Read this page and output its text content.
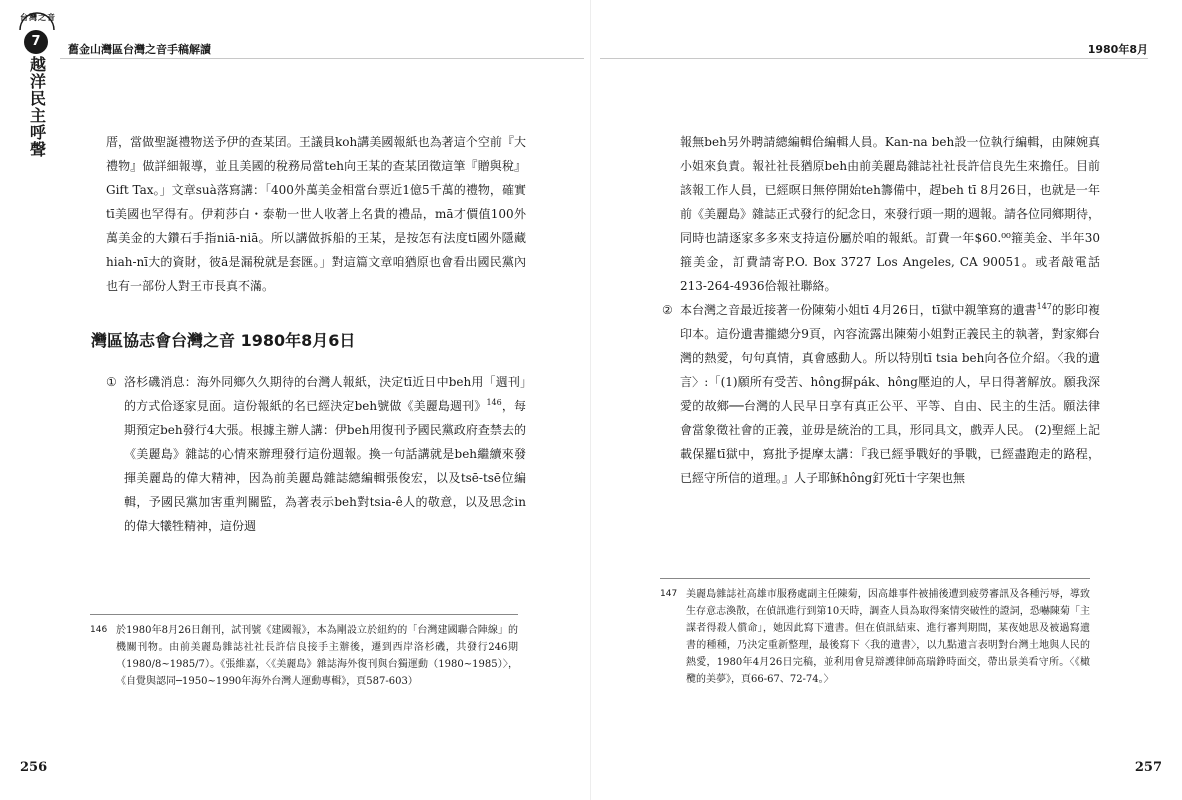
台灣之音
7
越洋民主呼聲
舊金山灣區台灣之音手稿解讀	1980年8月

厝，當做聖誕禮物送予伊的查某囝。王議員koh講美國報紙也為著這个空前『大禮物』做詳細報導，並且美國的稅務局當teh向王某的查某囝徵這筆『贈與稅』Gift Tax。」文章suà落寫講：「400外萬美金相當台票近1億5千萬的禮物，確實tī美國也罕得有。伊莉莎白・泰勒一世人收著上名貴的禮品，mā才價值100外萬美金的大鑽石手指niā-niā。所以講做拆船的王某，是按怎有法度tī國外隱藏hiah-nī大的資財，彼ā是漏稅就是套匯。」對這篇文章咱猶原也會看出國民黨內也有一部份人對王市長真不滿。

灣區協志會台灣之音 1980年8月6日
① 洛杉磯消息：海外同鄉久久期待的台灣人報紙，決定tī近日中beh用「週刊」的方式佮逐家見面。這份報紙的名已經決定beh號做《美麗島週刊》$^{146}$，每期預定beh發行4大張。根據主辦人講：伊beh用復刊予國民黨政府查禁去的《美麗島》雜誌的心情來辦理發行這份週報。換一句話講就是beh繼續來發揮美麗島的偉大精神，因為前美麗島雜誌總編輯張俊宏，以及tsē-tsē位編輯，予國民黨加害重判關監，為著表示beh對tsia-ê人的敬意，以及思念in的偉大犧牲精神，這份週

146 於1980年8月26日創刊，試刊號《建國報》，本為剛設立於紐約的「台灣建國聯合陣線」的機關刊物。由前美麗島雜誌社社長許信良接手主辦後，遷到西岸洛杉磯，共發行246期（1980/8~1985/7）。《張維嘉，〈《美麗島》雜誌海外復刊與台獨運動（1980~1985）〉，《自覺與認同─1950~1990年海外台灣人運動專輯》，頁587-603）

報無beh另外聘請總編輯佮編輯人員。Kan-na beh設一位執行編輯，由陳婉真小姐來負責。報社社長猶原beh由前美麗島雜誌社社長許信良先生來擔任。目前該報工作人員，已經暝日無停開始teh籌備中，趕beh tī 8月26日，也就是一年前《美麗島》雜誌正式發行的紀念日，來發行頭一期的週報。請各位同鄉期待，同時也請逐家多多來支持這份屬於咱的報紙。訂費一年$60.⁰⁰箍美金、半年30箍美金，訂費請寄P.O. Box 3727 Los Angeles, CA 90051。或者敲電話213-264-4936佮報社聯絡。

② 本台灣之音最近接著一份陳菊小姐tī 4月26日，tī獄中親筆寫的遺書$^{147}$的影印複印本。這份遺書攏總分9頁，內容流露出陳菊小姐對正義民主的執著，對家鄉台灣的熱愛，句句真情，真會感動人。所以特別tī tsia beh向各位介紹。〈我的遺言〉:「(1)願所有受苦、hông摒pák、hông壓迫的人，早日得著解放。願我深愛的故鄉──台灣的人民早日享有真正公平、平等、自由、民主的生活。願法律會當象徵社會的正義，並毋是統治的工具，形同具文，戲弄人民。 (2)聖經上記載保羅tī獄中，寫批予提摩太講：『我已經爭戰好的爭戰，已經盡跑走的路程，已經守所信的道理。』人子耶穌hông釘死tī十字架也無

147 美麗島雜誌社高雄市服務處副主任陳菊，因高雄事件被捕後遭到疲勞審訊及各種污辱，導致生存意志渙散，在偵訊進行到第10天時，調查人員為取得案情突破性的證詞，恐嚇陳菊「主謀者得殺人償命」，她因此寫下遺書。但在偵訊結束、進行審判期間，某夜她思及被過寫遺書的種種，乃決定重新整理，最後寫下〈我的遺書〉，以九點遺言表明對台灣土地與人民的熱愛，1980年4月26日完稿，並利用會見辯護律師高瑞錚時面交，帶出景美看守所。〈《橄欖的美夢》，頁66-67、72-74。〉

256	257
